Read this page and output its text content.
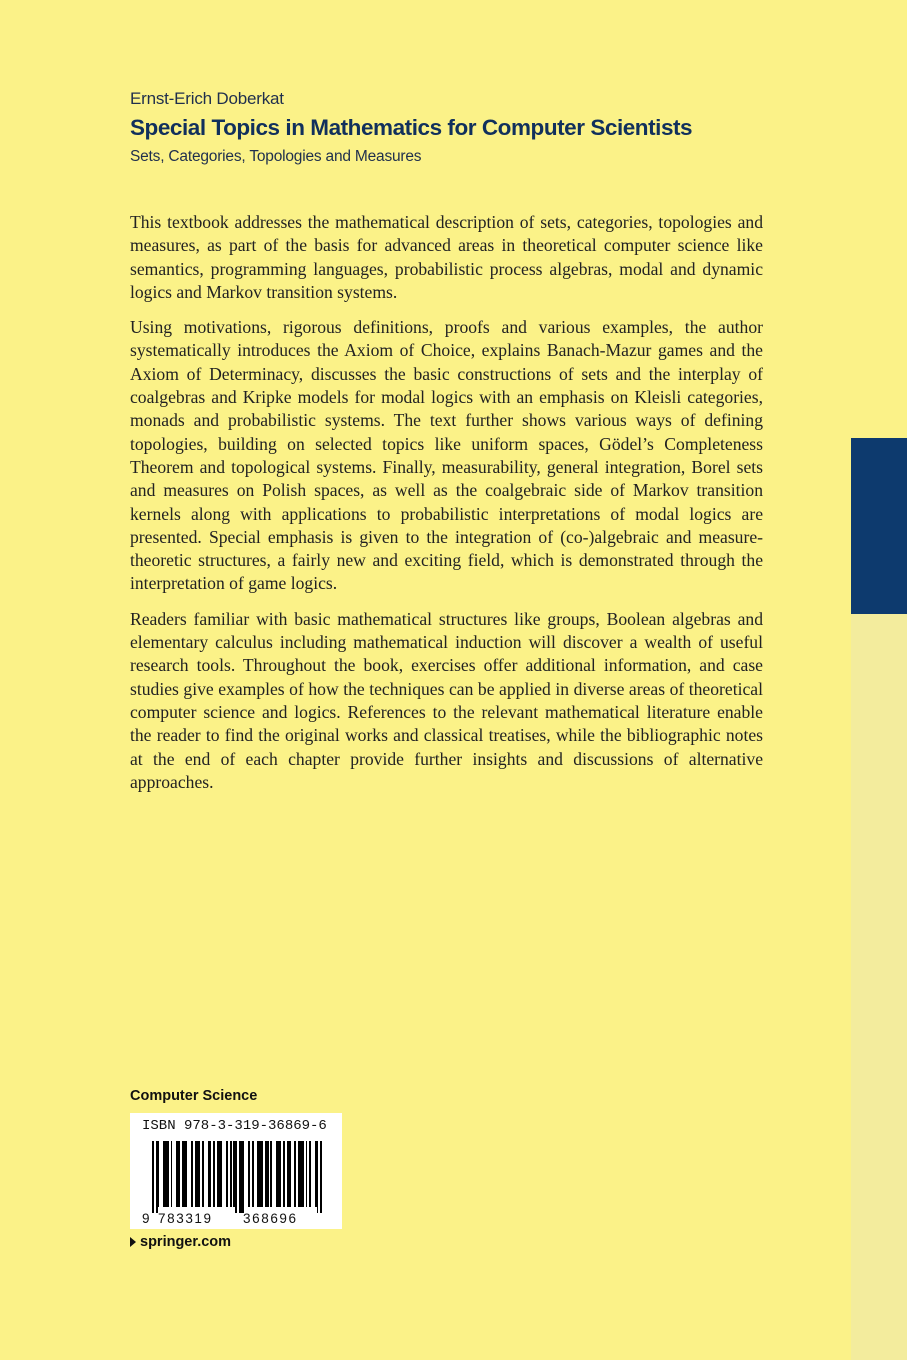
Ernst-Erich Doberkat
Special Topics in Mathematics for Computer Scientists
Sets, Categories, Topologies and Measures

This textbook addresses the mathematical description of sets, categories, topologies and measures, as part of the basis for advanced areas in theoretical computer science like semantics, programming languages, probabilistic process algebras, modal and dynamic logics and Markov transition systems.

Using motivations, rigorous definitions, proofs and various examples, the author systematically introduces the Axiom of Choice, explains Banach-Mazur games and the Axiom of Determinacy, discusses the basic constructions of sets and the interplay of coalgebras and Kripke models for modal logics with an emphasis on Kleisli categories, monads and probabilistic systems. The text further shows various ways of defining topologies, building on selected topics like uniform spaces, Gödel’s Completeness Theorem and topological systems. Finally, measurability, general integration, Borel sets and measures on Polish spaces, as well as the coalgebraic side of Markov transition kernels along with applications to probabilistic interpretations of modal logics are presented. Special emphasis is given to the integration of (co-)algebraic and measure-theoretic structures, a fairly new and exciting field, which is demonstrated through the interpretation of game logics.

Readers familiar with basic mathematical structures like groups, Boolean algebras and elementary calculus including mathematical induction will discover a wealth of useful research tools. Throughout the book, exercises offer additional information, and case studies give examples of how the techniques can be applied in diverse areas of theoretical computer science and logics. References to the relevant mathematical literature enable the reader to find the original works and classical treatises, while the bibliographic notes at the end of each chapter provide further insights and discussions of alternative approaches.

Computer Science
ISBN 978-3-319-36869-6
9 783319 368696
springer.com
